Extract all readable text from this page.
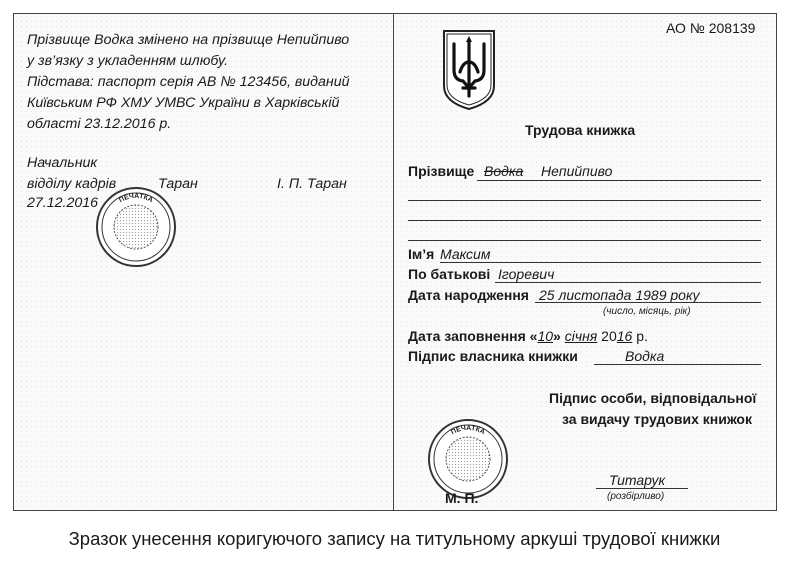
Прізвище Водка змінено на прізвище Непийпиво
у зв’язку з укладенням шлюбу.
Підстава: паспорт серія АВ № 123456, виданий
Київським РФ ХМУ УМВС України в Харківській
області 23.12.2016 р.
Начальник
відділу кадрів	Таран	І. П. Таран
27.12.2016	ПЕЧАТКА
АО № 208139
Трудова книжка
Прізвище Водка Непийпиво
Ім’я Максим
По батькові Ігоревич
Дата народження 25 листопада 1989 року
(число, місяць, рік)
Дата заповнення «10» січня 2016 р.
Підпис власника книжки	Водка
Підпис особи, відповідальної
за видачу трудових книжок
ПЕЧАТКА
М. П.
Титарук
(розбірливо)
Зразок унесення коригуючого запису на титульному аркуші трудової книжки
